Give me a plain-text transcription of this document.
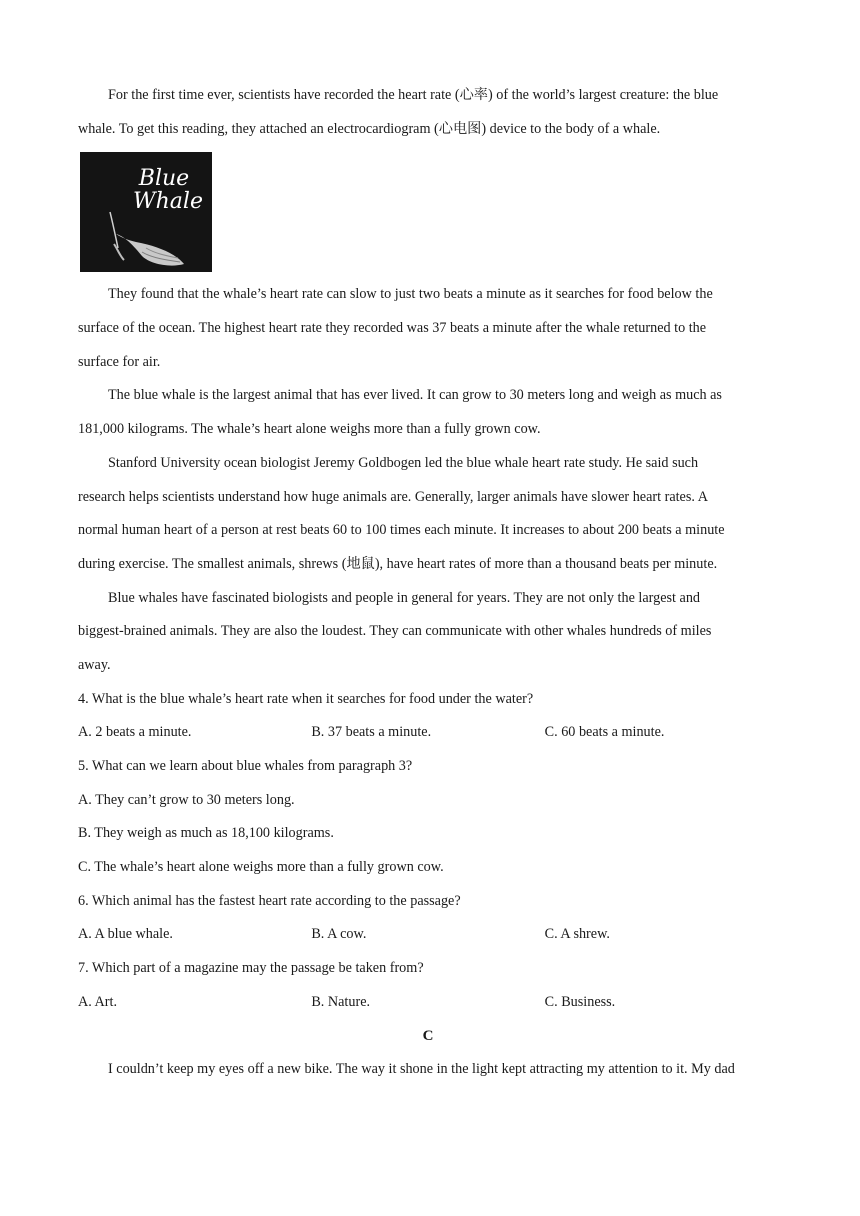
For the first time ever, scientists have recorded the heart rate (心率) of the world’s largest creature: the blue
whale. To get this reading, they attached an electrocardiogram (心电图) device to the body of a whale.
Blue
Whale
They found that the whale’s heart rate can slow to just two beats a minute as it searches for food below the
surface of the ocean. The highest heart rate they recorded was 37 beats a minute after the whale returned to the
surface for air.
The blue whale is the largest animal that has ever lived. It can grow to 30 meters long and weigh as much as
181,000 kilograms. The whale’s heart alone weighs more than a fully grown cow.
Stanford University ocean biologist Jeremy Goldbogen led the blue whale heart rate study. He said such
research helps scientists understand how huge animals are. Generally, larger animals have slower heart rates. A
normal human heart of a person at rest beats 60 to 100 times each minute. It increases to about 200 beats a minute
during exercise. The smallest animals, shrews (地鼠), have heart rates of more than a thousand beats per minute.
Blue whales have fascinated biologists and people in general for years. They are not only the largest and
biggest-brained animals. They are also the loudest. They can communicate with other whales hundreds of miles
away.
4. What is the blue whale’s heart rate when it searches for food under the water?
A. 2 beats a minute.	B. 37 beats a minute.	C. 60 beats a minute.
5. What can we learn about blue whales from paragraph 3?
A. They can’t grow to 30 meters long.
B. They weigh as much as 18,100 kilograms.
C. The whale’s heart alone weighs more than a fully grown cow.
6. Which animal has the fastest heart rate according to the passage?
A. A blue whale.	B. A cow.	C. A shrew.
7. Which part of a magazine may the passage be taken from?
A. Art.	B. Nature.	C. Business.
C
I couldn’t keep my eyes off a new bike. The way it shone in the light kept attracting my attention to it. My dad
